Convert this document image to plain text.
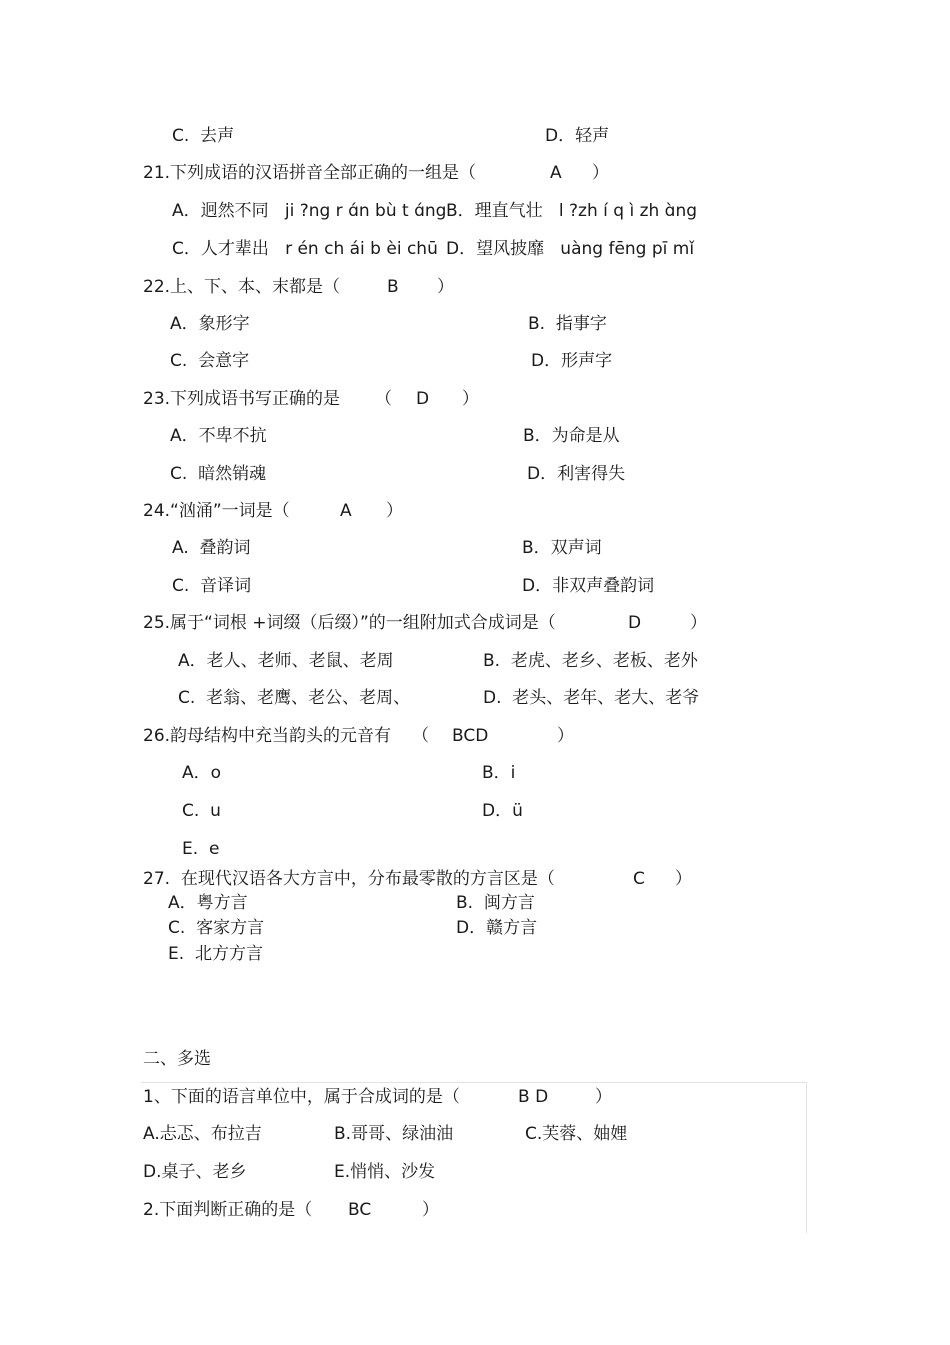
C.  去声	D．轻声
21.下列成语的汉语拼音全部正确的一组是（	A ）
A．迥然不同   ji ?ng r ɑ́n bù t ɑ́ng B．理直气壮   l ?zh í q ì zh ɑ̀ng
C．人才辈出   r én ch ái b èi chū D．望风披靡   uàng fēng pī mǐ
22.上、下、本、末都是（	B ）
A．象形字	B.  指事字
C.  会意字	D．形声字
23.下列成语书写正确的是 （ D ）
A．不卑不抗	B．为命是从
C.  暗然销魂	D．利害得失
24.“汹涌”一词是（	A ）
A.  叠韵词	B．双声词
C.  音译词	D．非双声叠韵词
25.属于“词根 +词缀（后缀）”的一组附加式合成词是（	D	）
A．老人、老师、老鼠、老周	B.  老虎、老乡、老板、老外
C.  老翁、老鹰、老公、老周、	D.  老头、老年、老大、老爷
26.韵母结构中充当韵头的元音有 （ BCD	）
A．o	B．i
C.  u	D．ü
E.  e
27.  在现代汉语各大方言中，分布最零散的方言区是（	C ）
A．粤方言	B.  闽方言
C.  客家方言	D．赣方言
E.  北方方言
二、多选
1、下面的语言单位中，属于合成词的是（	B D	）
A.忐忑、布拉吉	B.哥哥、绿油油	C.芙蓉、妯娌
D.桌子、老乡	E.悄悄、沙发
2.下面判断正确的是（ BC	）
